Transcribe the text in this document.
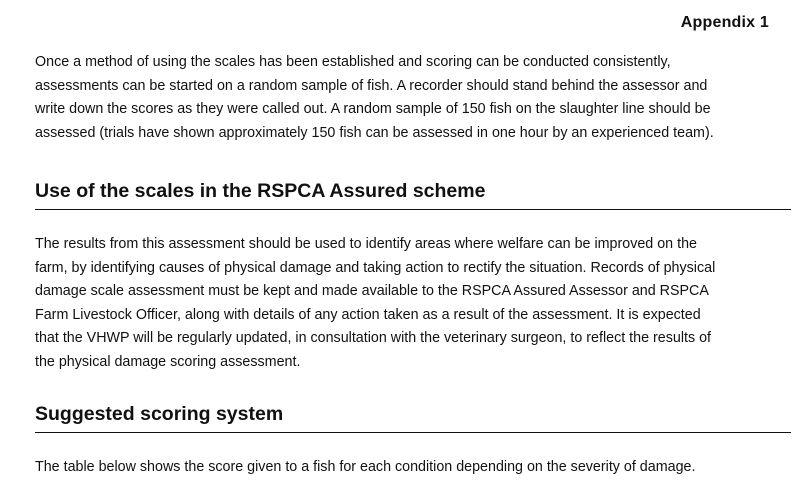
Appendix 1

Once a method of using the scales has been established and scoring can be conducted consistently,
assessments can be started on a random sample of fish. A recorder should stand behind the assessor and
write down the scores as they were called out. A random sample of 150 fish on the slaughter line should be
assessed (trials have shown approximately 150 fish can be assessed in one hour by an experienced team).

Use of the scales in the RSPCA Assured scheme

The results from this assessment should be used to identify areas where welfare can be improved on the
farm, by identifying causes of physical damage and taking action to rectify the situation. Records of physical
damage scale assessment must be kept and made available to the RSPCA Assured Assessor and RSPCA
Farm Livestock Officer, along with details of any action taken as a result of the assessment. It is expected
that the VHWP will be regularly updated, in consultation with the veterinary surgeon, to reflect the results of
the physical damage scoring assessment.

Suggested scoring system

The table below shows the score given to a fish for each condition depending on the severity of damage.
